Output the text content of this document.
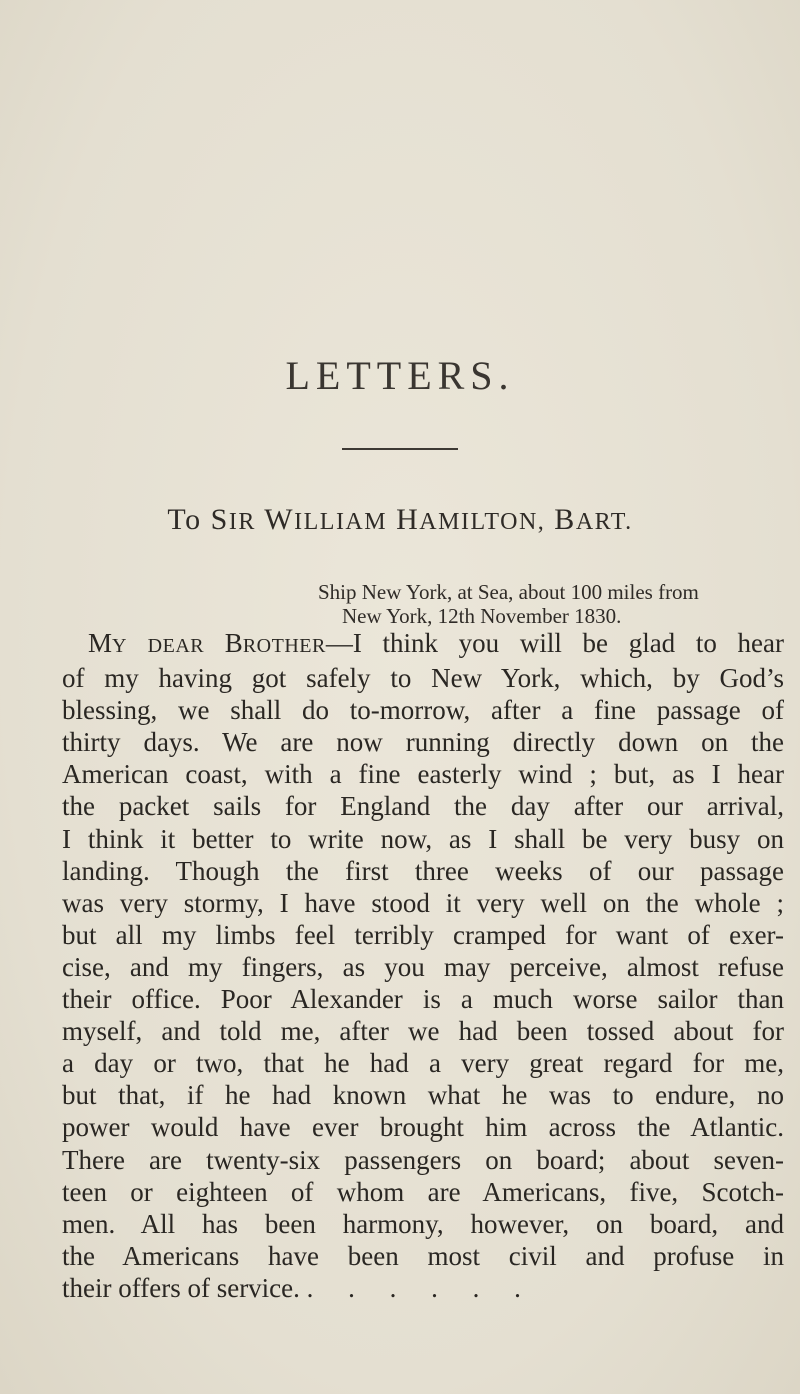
LETTERS.
To SIR WILLIAM HAMILTON, BART.
Ship New York, at Sea, about 100 miles from
New York, 12th November 1830.
MY DEAR BROTHER—I think you will be glad to hear
of my having got safely to New York, which, by God’s
blessing, we shall do to-morrow, after a fine passage of
thirty days. We are now running directly down on the
American coast, with a fine easterly wind ; but, as I hear
the packet sails for England the day after our arrival,
I think it better to write now, as I shall be very busy on
landing. Though the first three weeks of our passage
was very stormy, I have stood it very well on the whole ;
but all my limbs feel terribly cramped for want of exer-
cise, and my fingers, as you may perceive, almost refuse
their office. Poor Alexander is a much worse sailor than
myself, and told me, after we had been tossed about for
a day or two, that he had a very great regard for me,
but that, if he had known what he was to endure, no
power would have ever brought him across the Atlantic.
There are twenty-six passengers on board; about seven-
teen or eighteen of whom are Americans, five, Scotch-
men. All has been harmony, however, on board, and
the Americans have been most civil and profuse in
their offers of service. . . . . . .
